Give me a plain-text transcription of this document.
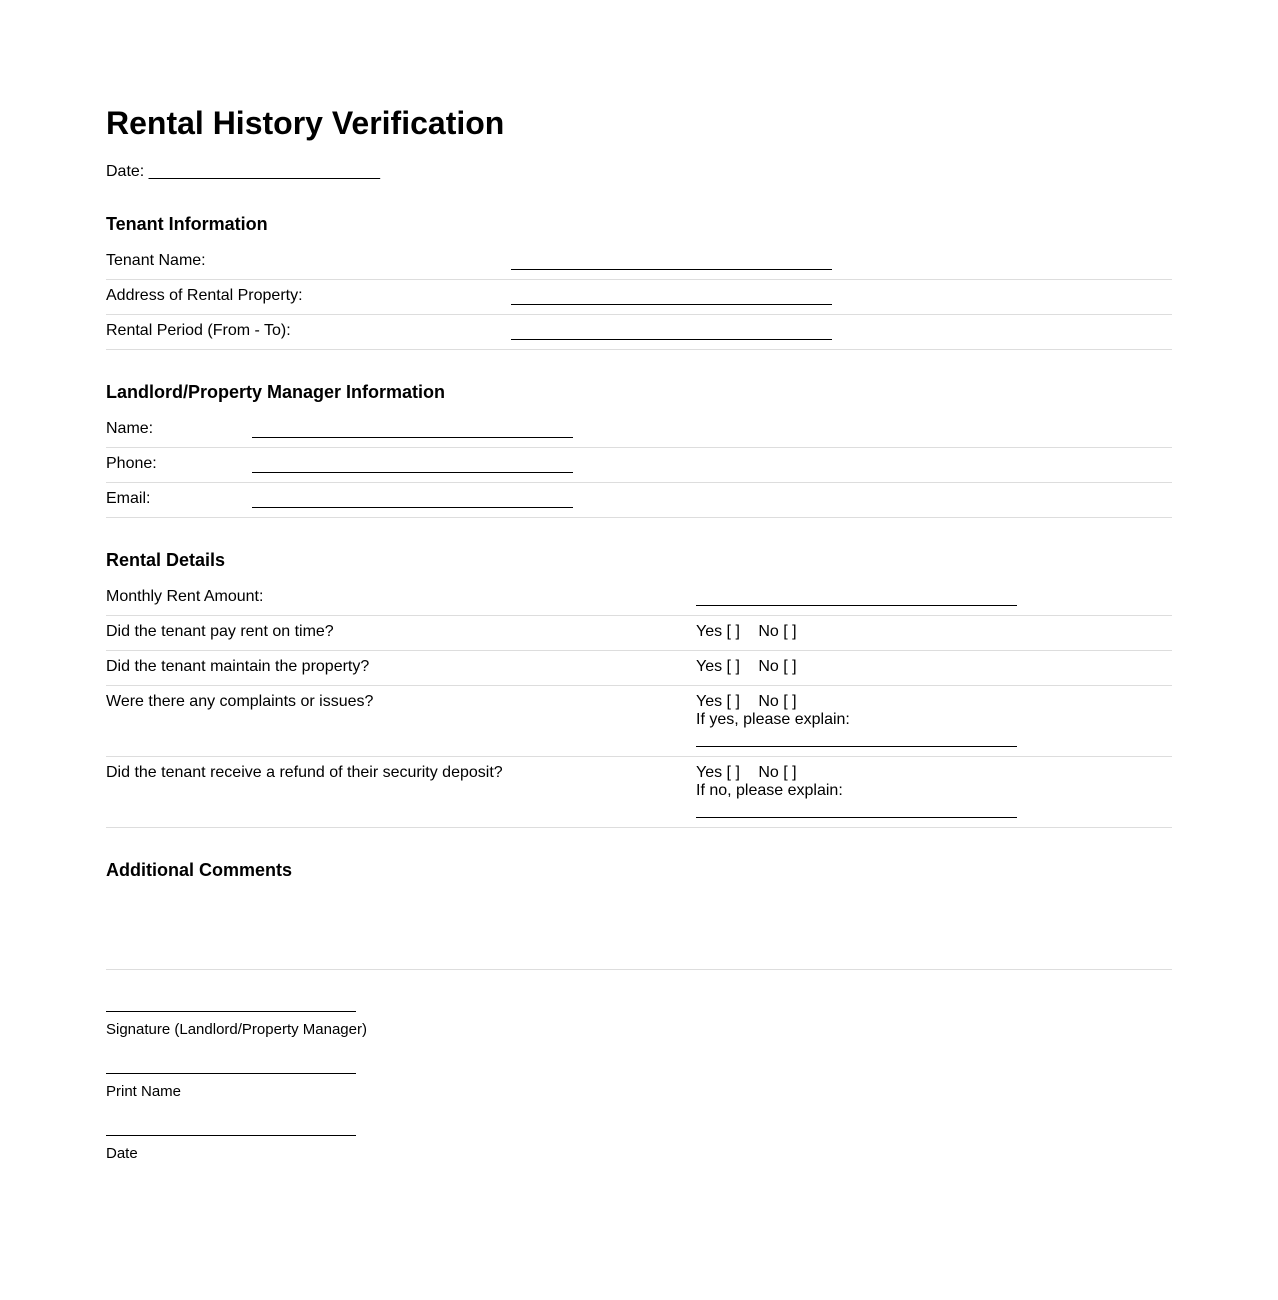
Rental History Verification
Date: __________________________
Tenant Information
Tenant Name:
Address of Rental Property:
Rental Period (From - To):
Landlord/Property Manager Information
Name:
Phone:
Email:
Rental Details
Monthly Rent Amount:
Did the tenant pay rent on time?	Yes [ ] No [ ]
Did the tenant maintain the property?	Yes [ ] No [ ]
Were there any complaints or issues?	Yes [ ] No [ ]
If yes, please explain:
Did the tenant receive a refund of their security deposit?	Yes [ ] No [ ]
If no, please explain:
Additional Comments
Signature (Landlord/Property Manager)
Print Name
Date
